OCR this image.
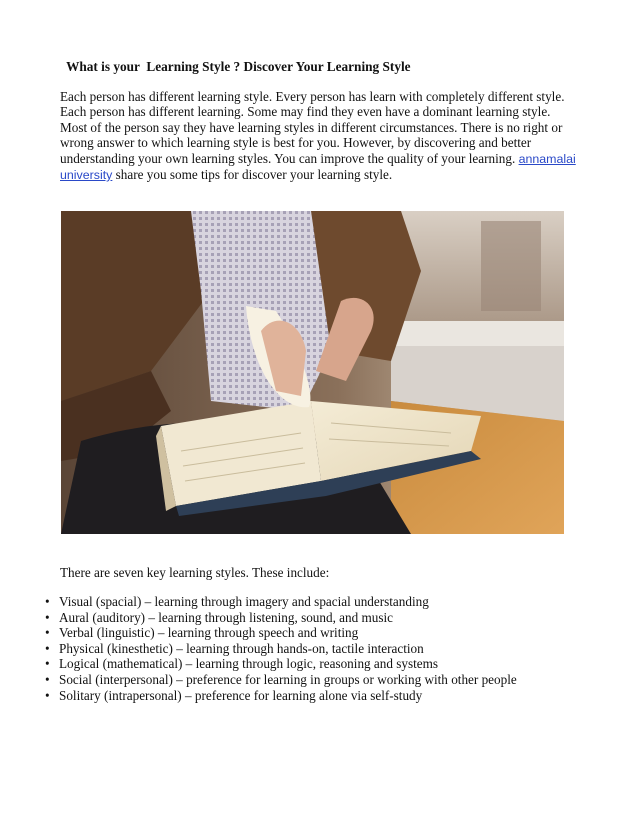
What is your  Learning Style ? Discover Your Learning Style

Each person has different learning style. Every person has learn with completely different style. Each person has different learning. Some may find they even have a dominant learning style. Most of the person say they have learning styles in different circumstances. There is no right or wrong answer to which learning style is best for you. However, by discovering and better understanding your own learning styles. You can improve the quality of your learning. annamalai university share you some tips for discover your learning style.

There are seven key learning styles. These include:

• Visual (spacial) – learning through imagery and spacial understanding
• Aural (auditory) – learning through listening, sound, and music
• Verbal (linguistic) – learning through speech and writing
• Physical (kinesthetic) – learning through hands-on, tactile interaction
• Logical (mathematical) – learning through logic, reasoning and systems
• Social (interpersonal) – preference for learning in groups or working with other people
• Solitary (intrapersonal) – preference for learning alone via self-study
